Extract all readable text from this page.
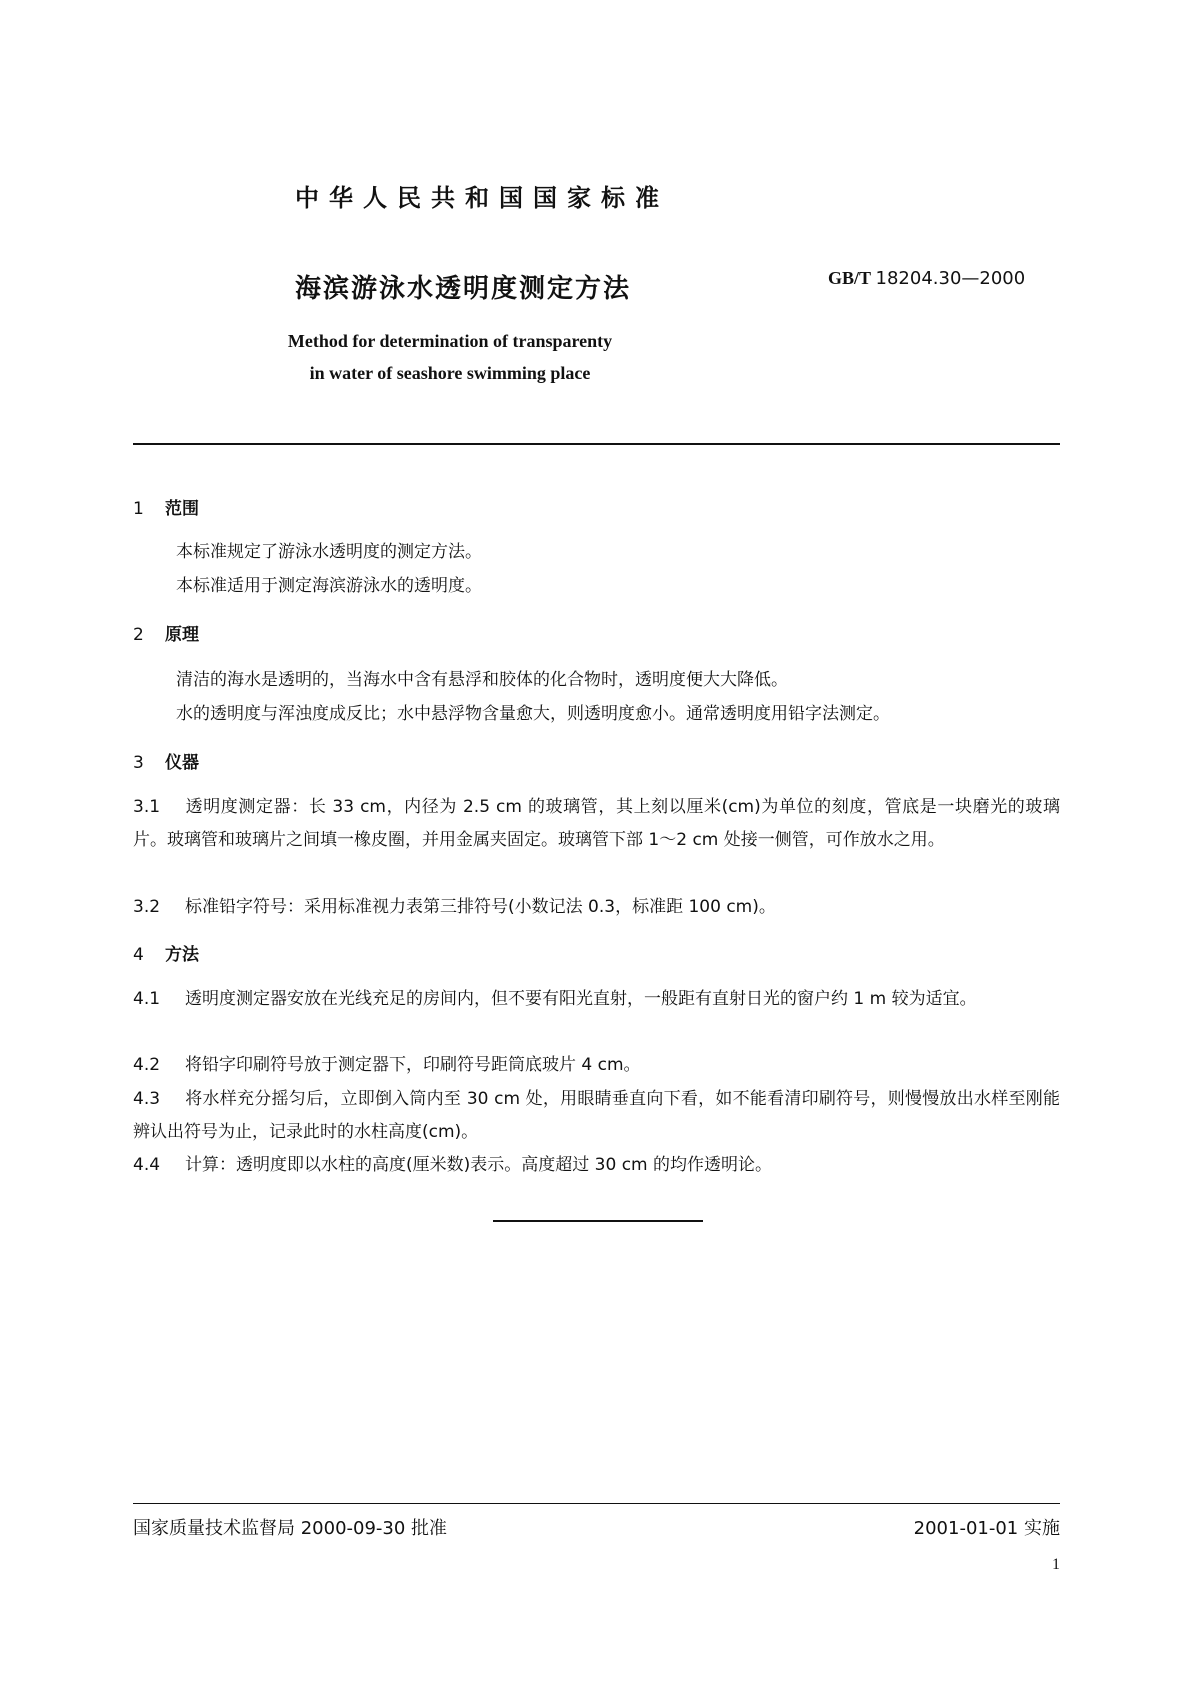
中华人民共和国国家标准
海滨游泳水透明度测定方法	GB/T 18204.30—2000
Method for determination of transparenty
in water of seashore swimming place
1 范围
本标准规定了游泳水透明度的测定方法。
本标准适用于测定海滨游泳水的透明度。
2 原理
清洁的海水是透明的，当海水中含有悬浮和胶体的化合物时，透明度便大大降低。
水的透明度与浑浊度成反比；水中悬浮物含量愈大，则透明度愈小。通常透明度用铅字法测定。
3 仪器
3.1 透明度测定器：长 33 cm，内径为 2.5 cm 的玻璃管，其上刻以厘米(cm)为单位的刻度，管底是一块磨光的玻璃片。玻璃管和玻璃片之间填一橡皮圈，并用金属夹固定。玻璃管下部 1～2 cm 处接一侧管，可作放水之用。
3.2 标准铅字符号：采用标准视力表第三排符号(小数记法 0.3，标准距 100 cm)。
4 方法
4.1 透明度测定器安放在光线充足的房间内，但不要有阳光直射，一般距有直射日光的窗户约 1 m 较为适宜。
4.2 将铅字印刷符号放于测定器下，印刷符号距筒底玻片 4 cm。
4.3 将水样充分摇匀后，立即倒入筒内至 30 cm 处，用眼睛垂直向下看，如不能看清印刷符号，则慢慢放出水样至刚能辨认出符号为止，记录此时的水柱高度(cm)。
4.4 计算：透明度即以水柱的高度(厘米数)表示。高度超过 30 cm 的均作透明论。
国家质量技术监督局 2000-09-30 批准	2001-01-01 实施
1
